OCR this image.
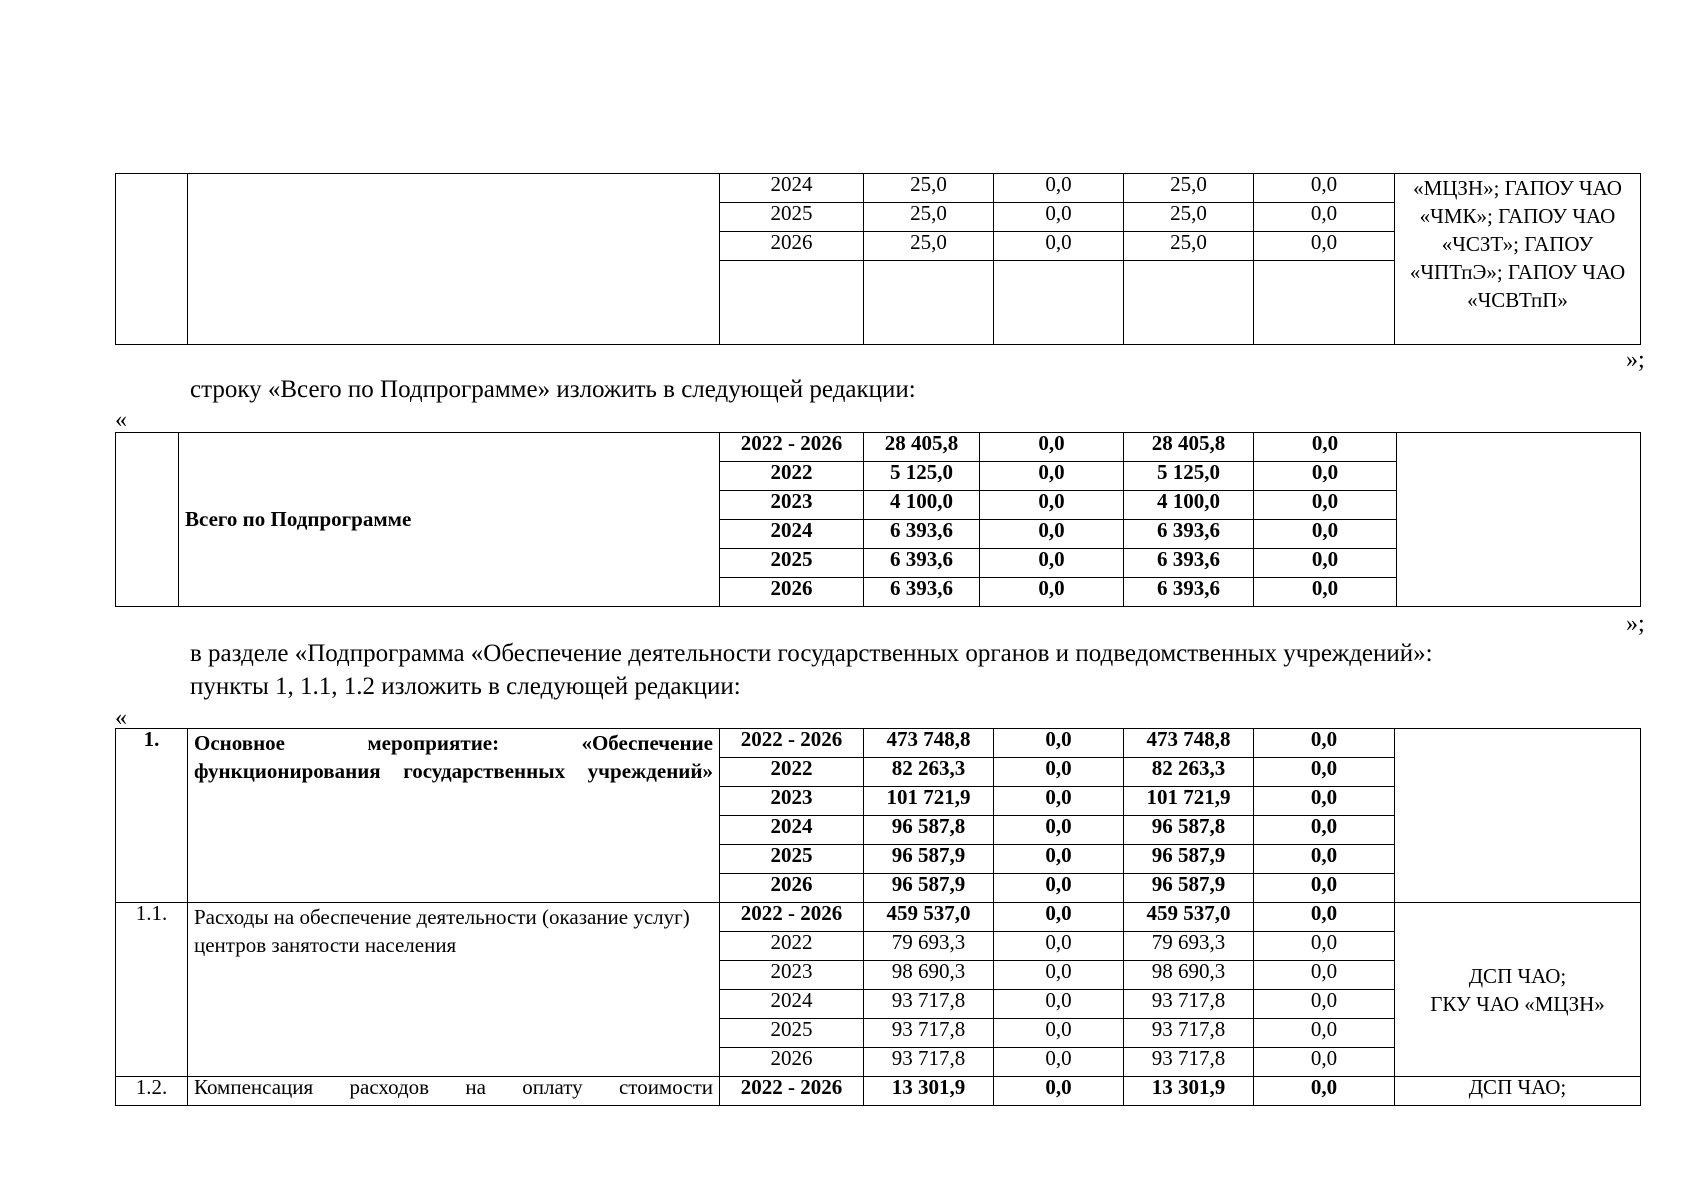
		2024	25,0	0,0	25,0	0,0	«МЦЗН»; ГАПОУ ЧАО «ЧМК»; ГАПОУ ЧАО «ЧСЗТ»; ГАПОУ «ЧПТпЭ»; ГАПОУ ЧАО «ЧСВТпП»
		2025	25,0	0,0	25,0	0,0	
		2026	25,0	0,0	25,0	0,0	

»;
строку «Всего по Подпрограмме» изложить в следующей редакции:
«
	Всего по Подпрограмме	2022 - 2026	28 405,8	0,0	28 405,8	0,0	
		2022	5 125,0	0,0	5 125,0	0,0	
		2023	4 100,0	0,0	4 100,0	0,0	
		2024	6 393,6	0,0	6 393,6	0,0	
		2025	6 393,6	0,0	6 393,6	0,0	
		2026	6 393,6	0,0	6 393,6	0,0	
»;
в разделе «Подпрограмма «Обеспечение деятельности государственных органов и подведомственных учреждений»:
пункты 1, 1.1, 1.2 изложить в следующей редакции:
«
1.	Основное мероприятие: «Обеспечение функционирования государственных учреждений»	2022 - 2026	473 748,8	0,0	473 748,8	0,0	
		2022	82 263,3	0,0	82 263,3	0,0	
		2023	101 721,9	0,0	101 721,9	0,0	
		2024	96 587,8	0,0	96 587,8	0,0	
		2025	96 587,9	0,0	96 587,9	0,0	
		2026	96 587,9	0,0	96 587,9	0,0	
1.1.	Расходы на обеспечение деятельности (оказание услуг) центров занятости населения	2022 - 2026	459 537,0	0,0	459 537,0	0,0	ДСП ЧАО;
ГКУ ЧАО «МЦЗН»

		2022	79 693,3	0,0	79 693,3	0,0	
		2023	98 690,3	0,0	98 690,3	0,0	
		2024	93 717,8	0,0	93 717,8	0,0	
		2025	93 717,8	0,0	93 717,8	0,0	
		2026	93 717,8	0,0	93 717,8	0,0	
1.2.	Компенсация расходов на оплату стоимости	2022 - 2026	13 301,9	0,0	13 301,9	0,0	ДСП ЧАО;
